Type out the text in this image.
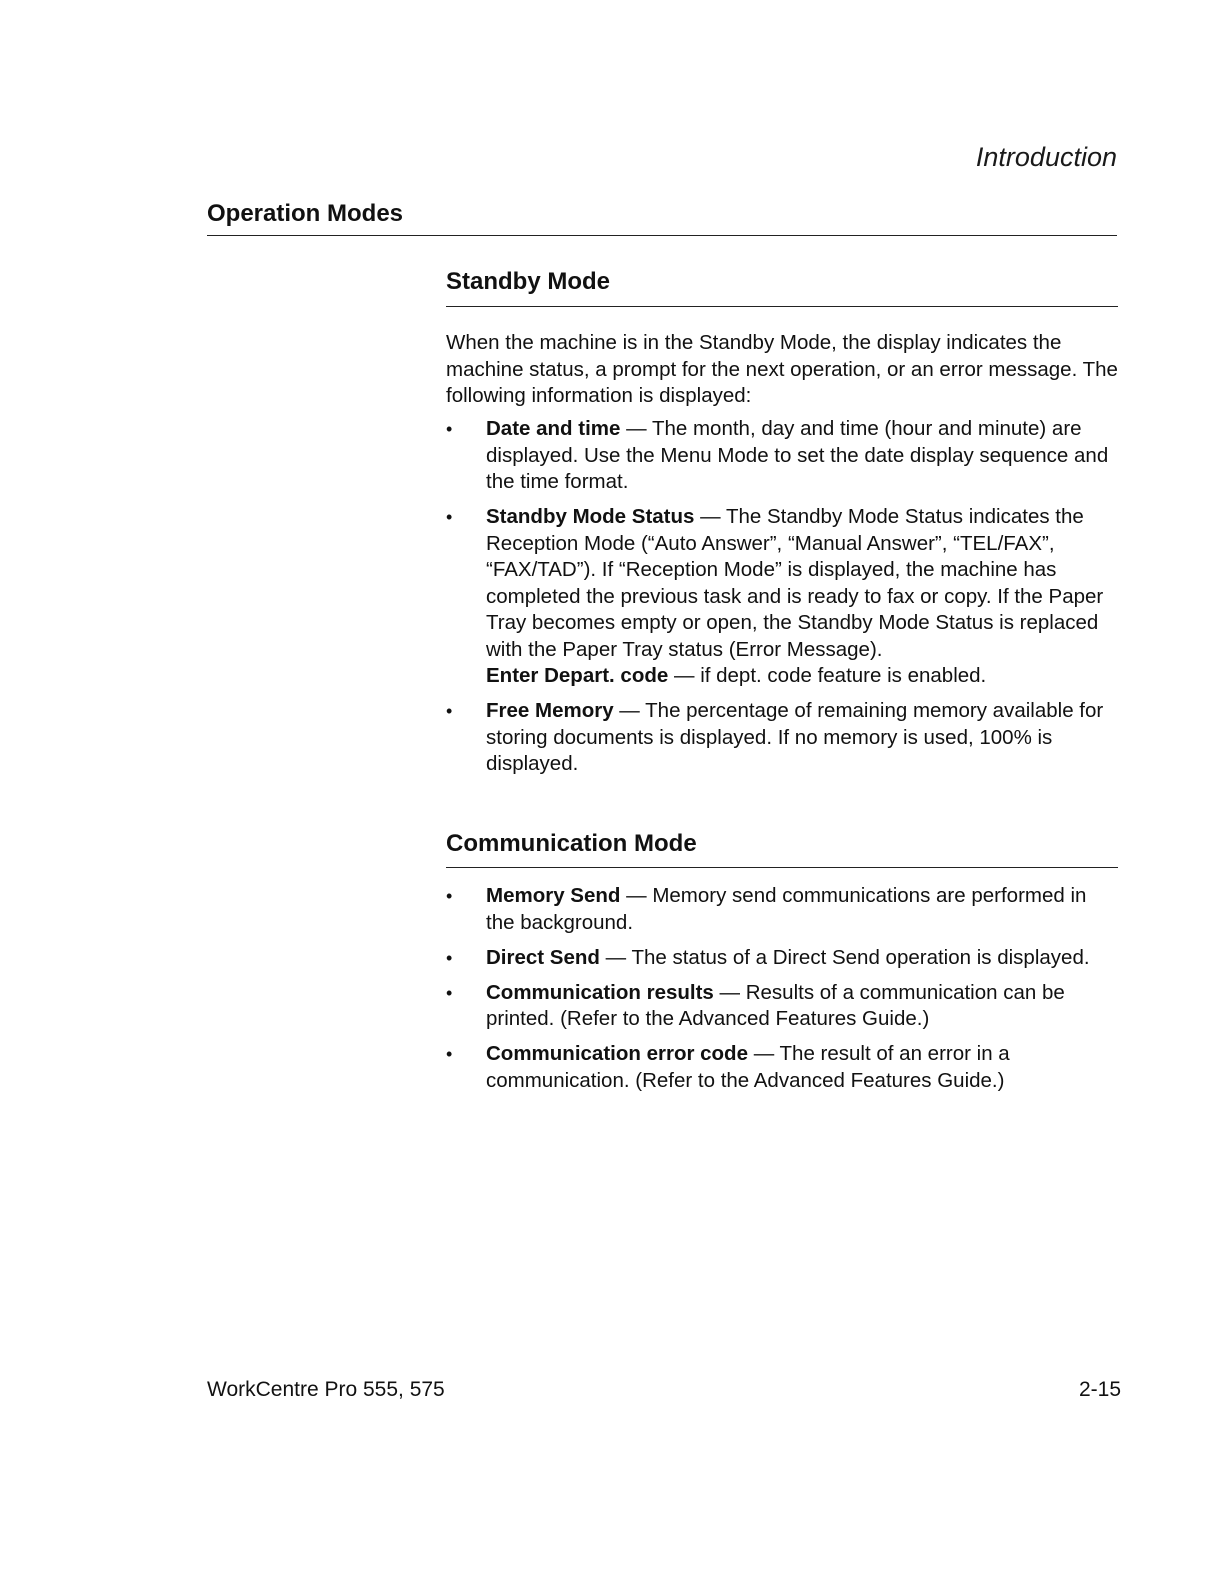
Introduction
Operation Modes
Standby Mode

When the machine is in the Standby Mode, the display indicates the machine status, a prompt for the next operation, or an error message. The following information is displayed:

• Date and time — The month, day and time (hour and minute) are displayed. Use the Menu Mode to set the date display sequence and the time format.
• Standby Mode Status — The Standby Mode Status indicates the Reception Mode (“Auto Answer”, “Manual Answer”, “TEL/FAX”, “FAX/TAD”). If “Reception Mode” is displayed, the machine has completed the previous task and is ready to fax or copy. If the Paper Tray becomes empty or open, the Standby Mode Status is replaced with the Paper Tray status (Error Message).
Enter Depart. code — if dept. code feature is enabled.
• Free Memory — The percentage of remaining memory available for storing documents is displayed. If no memory is used, 100% is displayed.
Communication Mode
• Memory Send — Memory send communications are performed in the background.
• Direct Send — The status of a Direct Send operation is displayed.
• Communication results — Results of a communication can be printed. (Refer to the Advanced Features Guide.)
• Communication error code — The result of an error in a communication. (Refer to the Advanced Features Guide.)
WorkCentre Pro 555, 575	2-15
